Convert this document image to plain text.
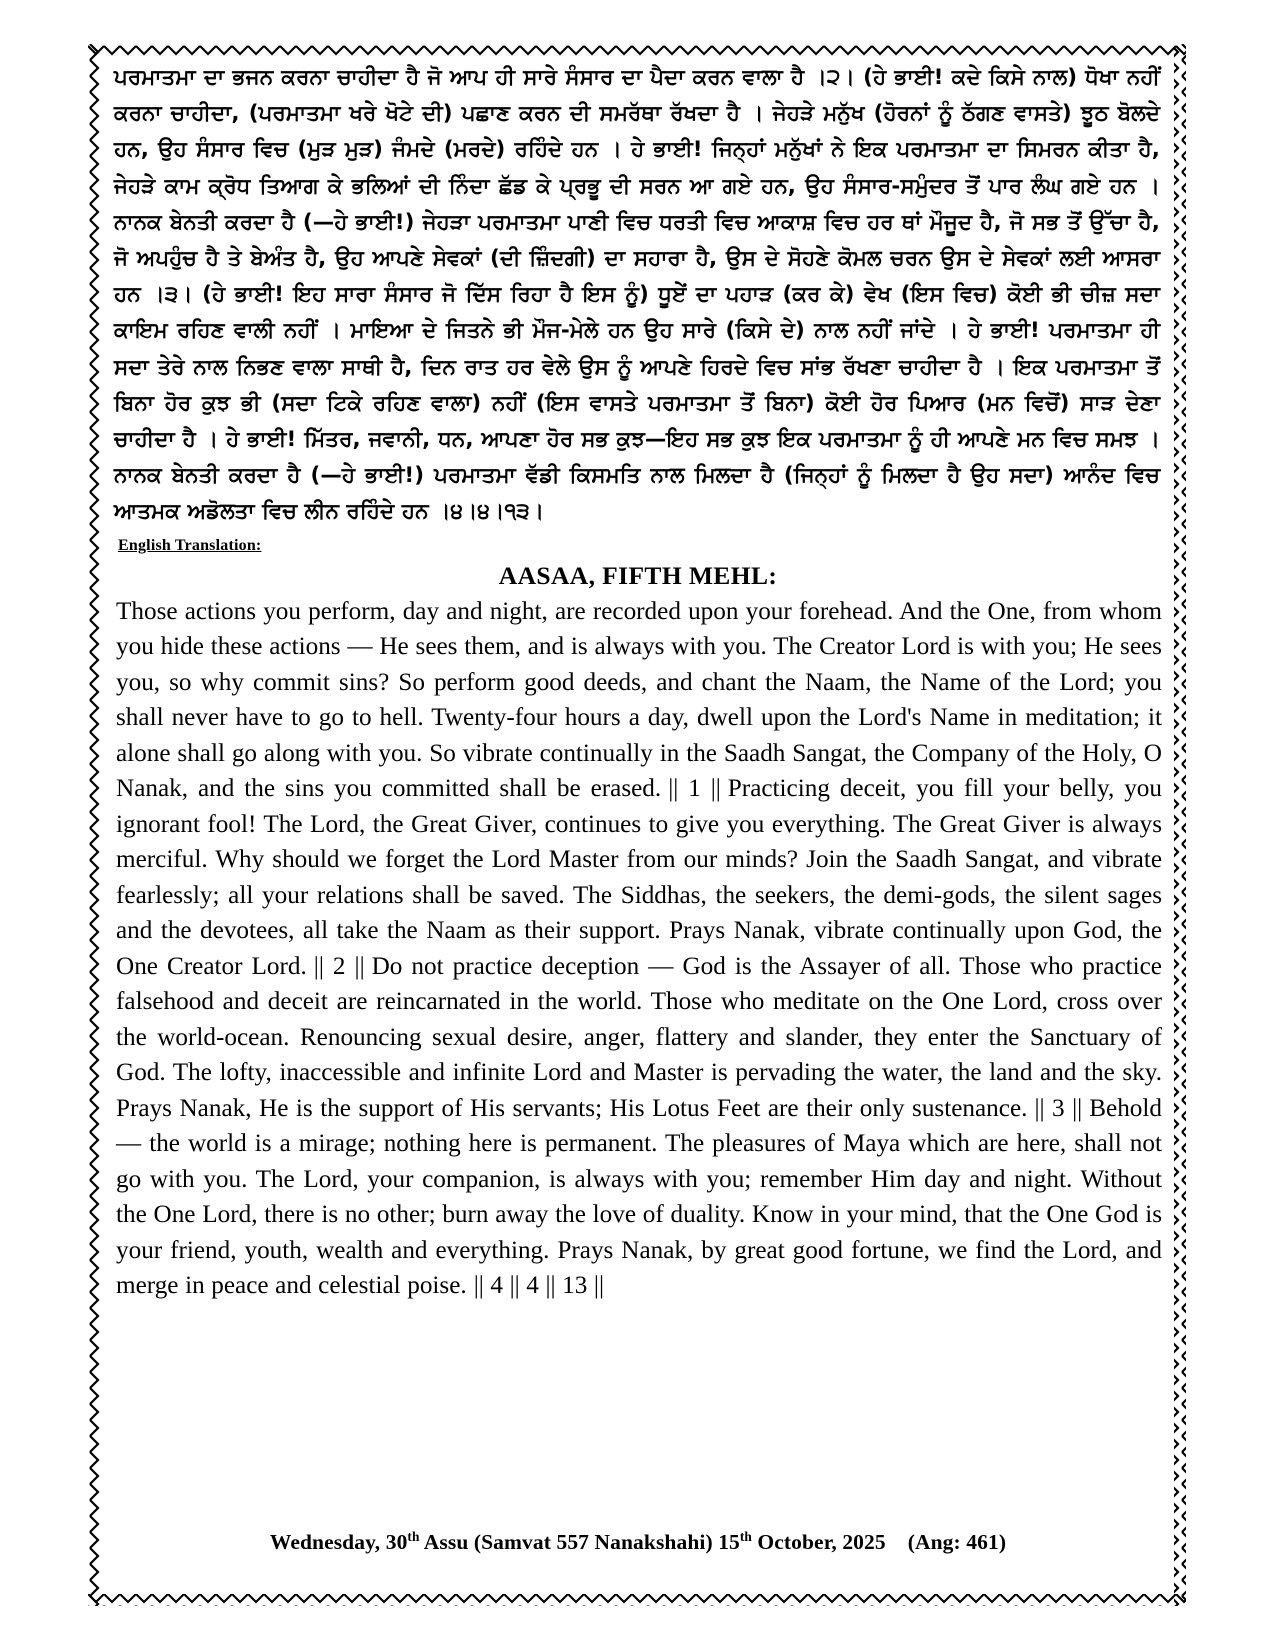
ਪਰਮਾਤਮਾ ਦਾ ਭਜਨ ਕਰਨਾ ਚਾਹੀਦਾ ਹੈ ਜੋ ਆਪ ਹੀ ਸਾਰੇ ਸੰਸਾਰ ਦਾ ਪੈਦਾ ਕਰਨ ਵਾਲਾ ਹੈ ।੨। (ਹੇ ਭਾਈ! ਕਦੇ ਕਿਸੇ ਨਾਲ) ਧੋਖਾ ਨਹੀਂ ਕਰਨਾ ਚਾਹੀਦਾ, (ਪਰਮਾਤਮਾ ਖਰੇ ਖੋਟੇ ਦੀ) ਪਛਾਣ ਕਰਨ ਦੀ ਸਮਰੱਥਾ ਰੱਖਦਾ ਹੈ । ਜੇਹੜੇ ਮਨੁੱਖ (ਹੋਰਨਾਂ ਨੂੰ ਠੱਗਣ ਵਾਸਤੇ) ਝੂਠ ਬੋਲਦੇ ਹਨ, ਉਹ ਸੰਸਾਰ ਵਿਚ (ਮੁੜ ਮੁੜ) ਜੰਮਦੇ (ਮਰਦੇ) ਰਹਿੰਦੇ ਹਨ । ਹੇ ਭਾਈ! ਜਿਨ੍ਹਾਂ ਮਨੁੱਖਾਂ ਨੇ ਇਕ ਪਰਮਾਤਮਾ ਦਾ ਸਿਮਰਨ ਕੀਤਾ ਹੈ, ਜੇਹੜੇ ਕਾਮ ਕ੍ਰੋਧ ਤਿਆਗ ਕੇ ਭਲਿਆਂ ਦੀ ਨਿੰਦਾ ਛੱਡ ਕੇ ਪ੍ਰਭੂ ਦੀ ਸਰਨ ਆ ਗਏ ਹਨ, ਉਹ ਸੰਸਾਰ-ਸਮੁੰਦਰ ਤੋਂ ਪਾਰ ਲੰਘ ਗਏ ਹਨ । ਨਾਨਕ ਬੇਨਤੀ ਕਰਦਾ ਹੈ (—ਹੇ ਭਾਈ!) ਜੇਹੜਾ ਪਰਮਾਤਮਾ ਪਾਣੀ ਵਿਚ ਧਰਤੀ ਵਿਚ ਆਕਾਸ਼ ਵਿਚ ਹਰ ਥਾਂ ਮੌਜੂਦ ਹੈ, ਜੋ ਸਭ ਤੋਂ ਉੱਚਾ ਹੈ, ਜੋ ਅਪਹੁੰਚ ਹੈ ਤੇ ਬੇਅੰਤ ਹੈ, ਉਹ ਆਪਣੇ ਸੇਵਕਾਂ (ਦੀ ਜ਼ਿੰਦਗੀ) ਦਾ ਸਹਾਰਾ ਹੈ, ਉਸ ਦੇ ਸੋਹਣੇ ਕੋਮਲ ਚਰਨ ਉਸ ਦੇ ਸੇਵਕਾਂ ਲਈ ਆਸਰਾ ਹਨ ।੩। (ਹੇ ਭਾਈ! ਇਹ ਸਾਰਾ ਸੰਸਾਰ ਜੋ ਦਿੱਸ ਰਿਹਾ ਹੈ ਇਸ ਨੂੰ) ਧੂਏਂ ਦਾ ਪਹਾੜ (ਕਰ ਕੇ) ਵੇਖ (ਇਸ ਵਿਚ) ਕੋਈ ਭੀ ਚੀਜ਼ ਸਦਾ ਕਾਇਮ ਰਹਿਣ ਵਾਲੀ ਨਹੀਂ । ਮਾਇਆ ਦੇ ਜਿਤਨੇ ਭੀ ਮੌਜ-ਮੇਲੇ ਹਨ ਉਹ ਸਾਰੇ (ਕਿਸੇ ਦੇ) ਨਾਲ ਨਹੀਂ ਜਾਂਦੇ । ਹੇ ਭਾਈ! ਪਰਮਾਤਮਾ ਹੀ ਸਦਾ ਤੇਰੇ ਨਾਲ ਨਿਭਣ ਵਾਲਾ ਸਾਥੀ ਹੈ, ਦਿਨ ਰਾਤ ਹਰ ਵੇਲੇ ਉਸ ਨੂੰ ਆਪਣੇ ਹਿਰਦੇ ਵਿਚ ਸਾਂਭ ਰੱਖਣਾ ਚਾਹੀਦਾ ਹੈ । ਇਕ ਪਰਮਾਤਮਾ ਤੋਂ ਬਿਨਾ ਹੋਰ ਕੁਝ ਭੀ (ਸਦਾ ਟਿਕੇ ਰਹਿਣ ਵਾਲਾ) ਨਹੀਂ (ਇਸ ਵਾਸਤੇ ਪਰਮਾਤਮਾ ਤੋਂ ਬਿਨਾ) ਕੋਈ ਹੋਰ ਪਿਆਰ (ਮਨ ਵਿਚੋਂ) ਸਾੜ ਦੇਣਾ ਚਾਹੀਦਾ ਹੈ । ਹੇ ਭਾਈ! ਮਿੱਤਰ, ਜਵਾਨੀ, ਧਨ, ਆਪਣਾ ਹੋਰ ਸਭ ਕੁਝ—ਇਹ ਸਭ ਕੁਝ ਇਕ ਪਰਮਾਤਮਾ ਨੂੰ ਹੀ ਆਪਣੇ ਮਨ ਵਿਚ ਸਮਝ । ਨਾਨਕ ਬੇਨਤੀ ਕਰਦਾ ਹੈ (—ਹੇ ਭਾਈ!) ਪਰਮਾਤਮਾ ਵੱਡੀ ਕਿਸਮਤਿ ਨਾਲ ਮਿਲਦਾ ਹੈ (ਜਿਨ੍ਹਾਂ ਨੂੰ ਮਿਲਦਾ ਹੈ ਉਹ ਸਦਾ) ਆਨੰਦ ਵਿਚ ਆਤਮਕ ਅਡੋਲਤਾ ਵਿਚ ਲੀਨ ਰਹਿੰਦੇ ਹਨ ।੪।੪।੧੩।

English Translation:
AASAA, FIFTH MEHL:

Those actions you perform, day and night, are recorded upon your forehead. And the One, from whom you hide these actions — He sees them, and is always with you. The Creator Lord is with you; He sees you, so why commit sins? So perform good deeds, and chant the Naam, the Name of the Lord; you shall never have to go to hell. Twenty-four hours a day, dwell upon the Lord's Name in meditation; it alone shall go along with you. So vibrate continually in the Saadh Sangat, the Company of the Holy, O Nanak, and the sins you committed shall be erased. || 1 || Practicing deceit, you fill your belly, you ignorant fool! The Lord, the Great Giver, continues to give you everything. The Great Giver is always merciful. Why should we forget the Lord Master from our minds? Join the Saadh Sangat, and vibrate fearlessly; all your relations shall be saved. The Siddhas, the seekers, the demi-gods, the silent sages and the devotees, all take the Naam as their support. Prays Nanak, vibrate continually upon God, the One Creator Lord. || 2 || Do not practice deception — God is the Assayer of all. Those who practice falsehood and deceit are reincarnated in the world. Those who meditate on the One Lord, cross over the world-ocean. Renouncing sexual desire, anger, flattery and slander, they enter the Sanctuary of God. The lofty, inaccessible and infinite Lord and Master is pervading the water, the land and the sky. Prays Nanak, He is the support of His servants; His Lotus Feet are their only sustenance. || 3 || Behold — the world is a mirage; nothing here is permanent. The pleasures of Maya which are here, shall not go with you. The Lord, your companion, is always with you; remember Him day and night. Without the One Lord, there is no other; burn away the love of duality. Know in your mind, that the One God is your friend, youth, wealth and everything. Prays Nanak, by great good fortune, we find the Lord, and merge in peace and celestial poise. || 4 || 4 || 13 ||

Wednesday, 30th Assu (Samvat 557 Nanakshahi) 15th October, 2025 (Ang: 461)
